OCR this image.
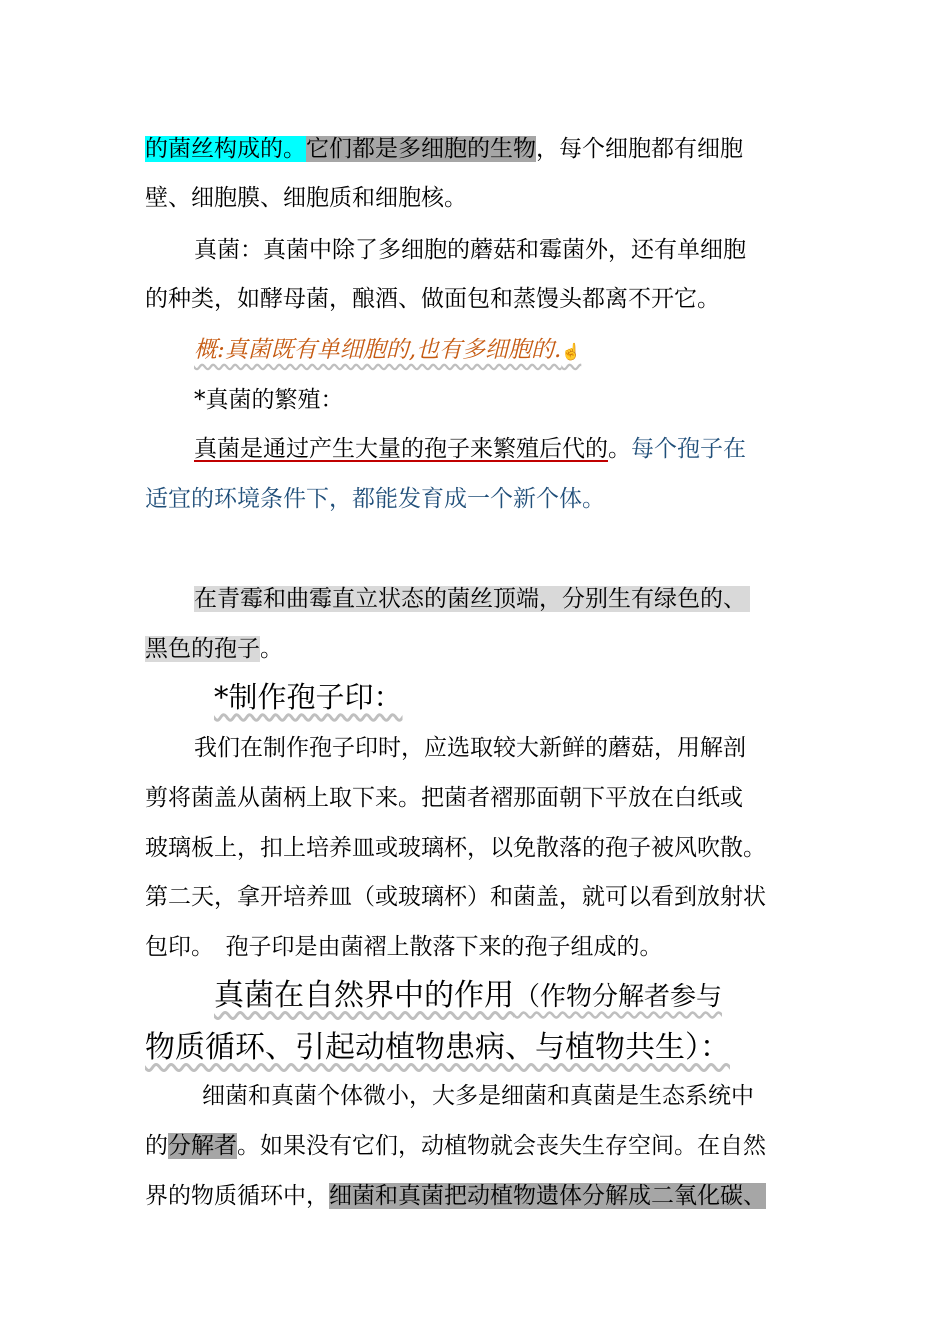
的菌丝构成的。它们都是多细胞的生物，每个细胞都有细胞
壁、细胞膜、细胞质和细胞核。
真菌：真菌中除了多细胞的蘑菇和霉菌外，还有单细胞
的种类，如酵母菌，酿酒、做面包和蒸馒头都离不开它。
概:真菌既有单细胞的,也有多细胞的.☝
*真菌的繁殖：
真菌是通过产生大量的孢子来繁殖后代的。每个孢子在
适宜的环境条件下，都能发育成一个新个体。
在青霉和曲霉直立状态的菌丝顶端，分别生有绿色的、
黑色的孢子。
*制作孢子印：
我们在制作孢子印时，应选取较大新鲜的蘑菇，用解剖
剪将菌盖从菌柄上取下来。把菌者褶那面朝下平放在白纸或
玻璃板上，扣上培养皿或玻璃杯，以免散落的孢子被风吹散。
第二天，拿开培养皿（或玻璃杯）和菌盖，就可以看到放射状
包印。　孢子印是由菌褶上散落下来的孢子组成的。
真菌在自然界中的作用（作物分解者参与
物质循环、引起动植物患病、与植物共生）：
细菌和真菌个体微小，大多是细菌和真菌是生态系统中
的分解者。如果没有它们，动植物就会丧失生存空间。在自然
界的物质循环中，细菌和真菌把动植物遗体分解成二氧化碳、
